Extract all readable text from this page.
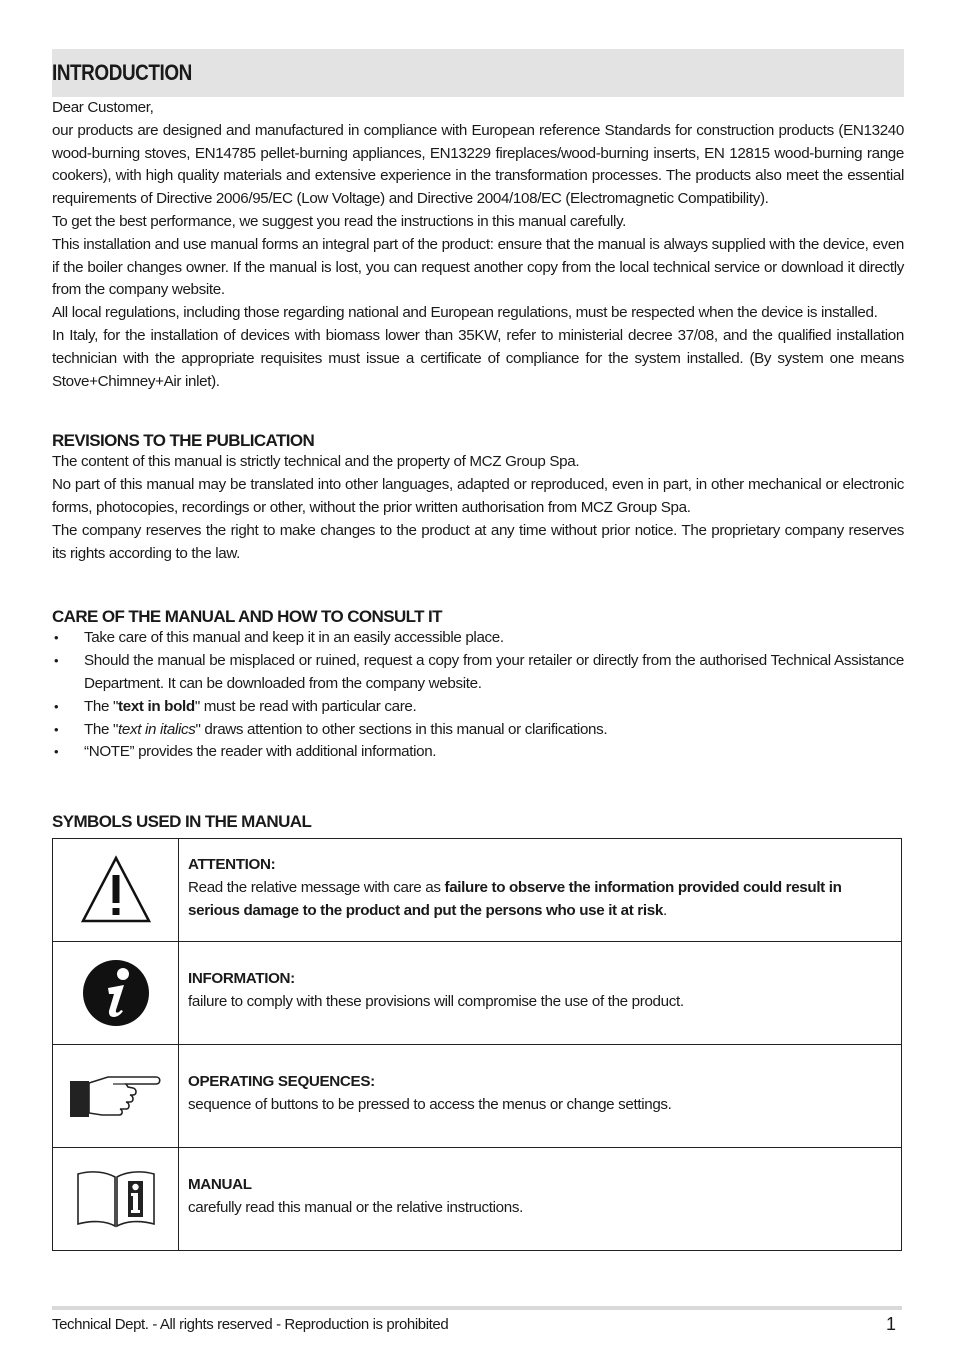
INTRODUCTION

Dear Customer,

our products are designed and manufactured in compliance with European reference Standards for construction products (EN13240 wood-burning stoves, EN14785 pellet-burning appliances, EN13229 fireplaces/wood-burning inserts, EN 12815 wood-burning range cookers), with high quality materials and extensive experience in the transformation processes. The products also meet the essential requirements of Directive 2006/95/EC (Low Voltage) and Directive 2004/108/EC (Electromagnetic Compatibility).

To get the best performance, we suggest you read the instructions in this manual carefully.

This installation and use manual forms an integral part of the product: ensure that the manual is always supplied with the device, even if the boiler changes owner. If the manual is lost, you can request another copy from the local technical service or download it directly from the company website.

All local regulations, including those regarding national and European regulations, must be respected when the device is installed.

In Italy, for the installation of devices with biomass lower than 35KW, refer to ministerial decree 37/08, and the qualified installation technician with the appropriate requisites must issue a certificate of compliance for the system installed. (By system one means Stove+Chimney+Air inlet).

REVISIONS TO THE PUBLICATION

The content of this manual is strictly technical and the property of MCZ Group Spa.

No part of this manual may be translated into other languages, adapted or reproduced, even in part, in other mechanical or electronic forms, photocopies, recordings or other, without the prior written authorisation from MCZ Group Spa.

The company reserves the right to make changes to the product at any time without prior notice. The proprietary company reserves its rights according to the law.

CARE OF THE MANUAL AND HOW TO CONSULT IT
• Take care of this manual and keep it in an easily accessible place.
• Should the manual be misplaced or ruined, request a copy from your retailer or directly from the authorised Technical Assistance Department. It can be downloaded from the company website.
• The "text in bold" must be read with particular care.
• The "text in italics" draws attention to other sections in this manual or clarifications.
• “NOTE” provides the reader with additional information.
SYMBOLS USED IN THE MANUAL

ATTENTION:
Read the relative message with care as failure to observe the information provided could result in serious damage to the product and put the persons who use it at risk.

INFORMATION:
failure to comply with these provisions will compromise the use of the product.

OPERATING SEQUENCES:
sequence of buttons to be pressed to access the menus or change settings.

MANUAL
carefully read this manual or the relative instructions.
Technical Dept. - All rights reserved - Reproduction is prohibited	1
